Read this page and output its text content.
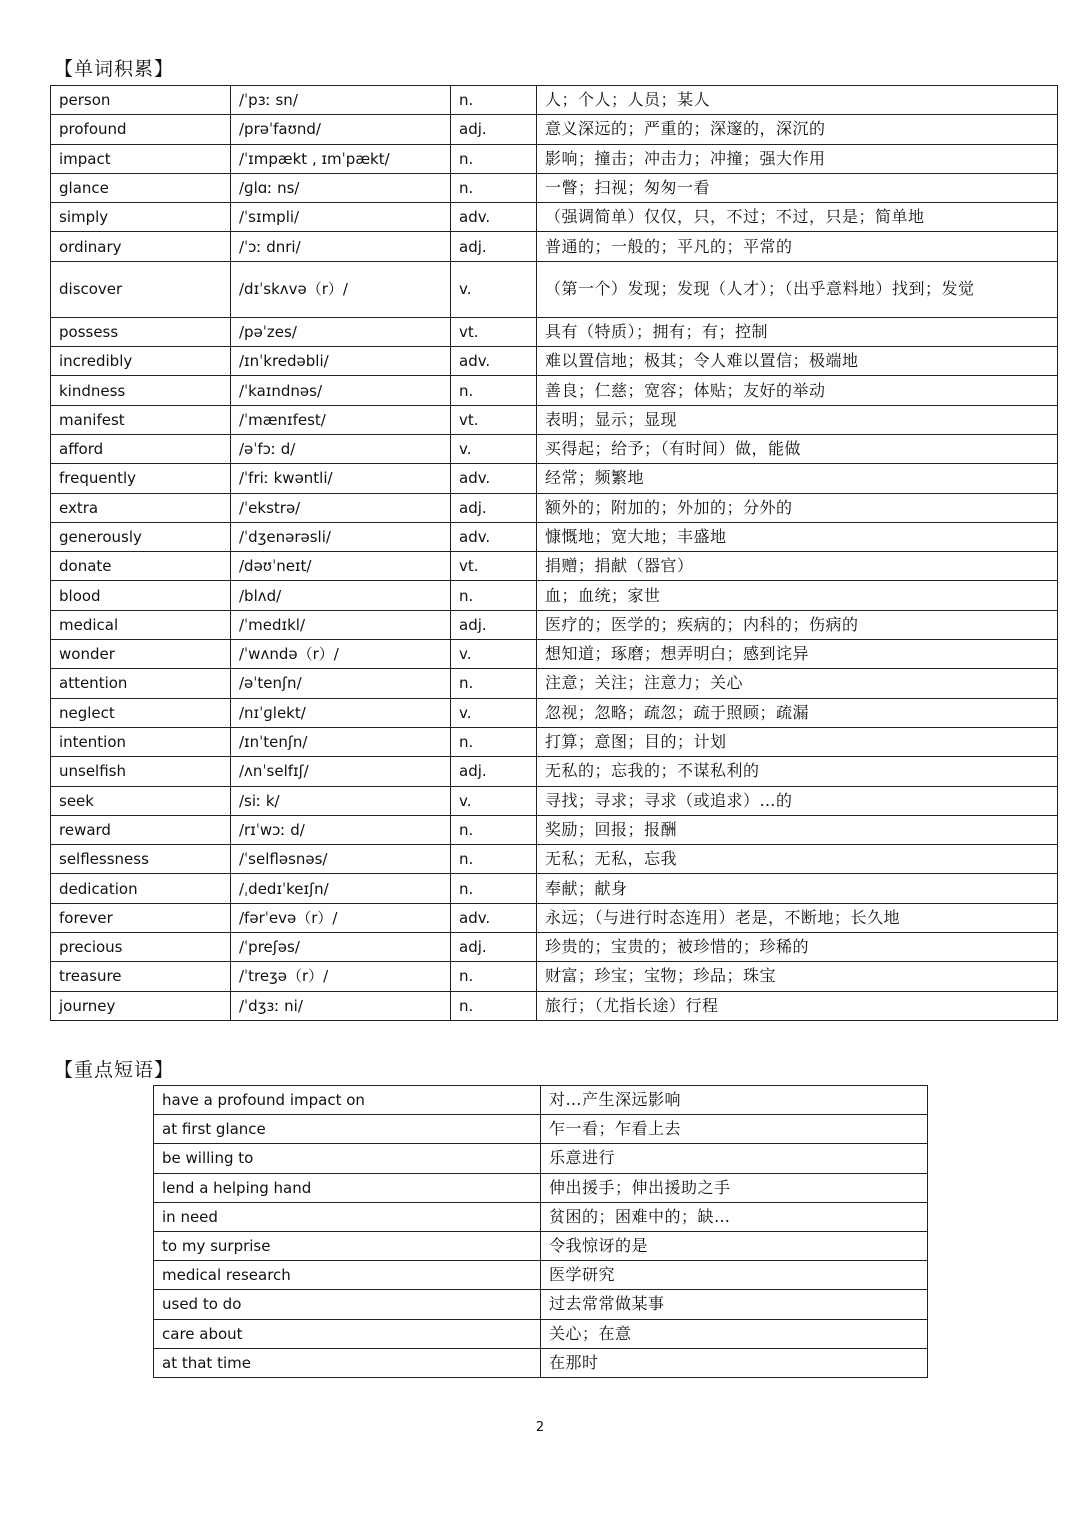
【单词积累】
person	/ˈpɜː sn/	n.	人；个人；人员；某人
profound	/prəˈfaʊnd/	adj.	意义深远的；严重的；深邃的，深沉的
impact	/ˈɪmpækt , ɪmˈpækt/	n.	影响；撞击；冲击力；冲撞；强大作用
glance	/ɡlɑː ns/	n.	一瞥；扫视；匆匆一看
simply	/ˈsɪmpli/	adv.	（强调简单）仅仅，只，不过；不过，只是；简单地
ordinary	/ˈɔː dnri/	adj.	普通的；一般的；平凡的；平常的
discover	/dɪˈskʌvə（r）/	v.	（第一个）发现；发现（人才）；（出乎意料地）找到；发觉
possess	/pəˈzes/	vt.	具有（特质）；拥有；有；控制
incredibly	/ɪnˈkredəbli/	adv.	难以置信地；极其；令人难以置信；极端地
kindness	/ˈkaɪndnəs/	n.	善良；仁慈；宽容；体贴；友好的举动
manifest	/ˈmænɪfest/	vt.	表明；显示；显现
afford	/əˈfɔː d/	v.	买得起；给予；（有时间）做，能做
frequently	/ˈfriː kwəntli/	adv.	经常；频繁地
extra	/ˈekstrə/	adj.	额外的；附加的；外加的；分外的
generously	/ˈdʒenərəsli/	adv.	慷慨地；宽大地；丰盛地
donate	/dəʊˈneɪt/	vt.	捐赠；捐献（器官）
blood	/blʌd/	n.	血；血统；家世
medical	/ˈmedɪkl/	adj.	医疗的；医学的；疾病的；内科的；伤病的
wonder	/ˈwʌndə（r）/	v.	想知道；琢磨；想弄明白；感到诧异
attention	/əˈtenʃn/	n.	注意；关注；注意力；关心
neglect	/nɪˈɡlekt/	v.	忽视；忽略；疏忽；疏于照顾；疏漏
intention	/ɪnˈtenʃn/	n.	打算；意图；目的；计划
unselfish	/ʌnˈselfɪʃ/	adj.	无私的；忘我的；不谋私利的
seek	/siː k/	v.	寻找；寻求；寻求（或追求）…的
reward	/rɪˈwɔː d/	n.	奖励；回报；报酬
selflessness	/ˈselfləsnəs/	n.	无私；无私，忘我
dedication	/ˌdedɪˈkeɪʃn/	n.	奉献；献身
forever	/fərˈevə（r）/	adv.	永远；（与进行时态连用）老是，不断地；长久地
precious	/ˈpreʃəs/	adj.	珍贵的；宝贵的；被珍惜的；珍稀的
treasure	/ˈtreʒə（r）/	n.	财富；珍宝；宝物；珍品；珠宝
journey	/ˈdʒɜː ni/	n.	旅行；（尤指长途）行程
【重点短语】
have a profound impact on	对…产生深远影响
at first glance	乍一看；乍看上去
be willing to	乐意进行
lend a helping hand	伸出援手；伸出援助之手
in need	贫困的；困难中的；缺…
to my surprise	令我惊讶的是
medical research	医学研究
used to do	过去常常做某事
care about	关心；在意
at that time	在那时
2
